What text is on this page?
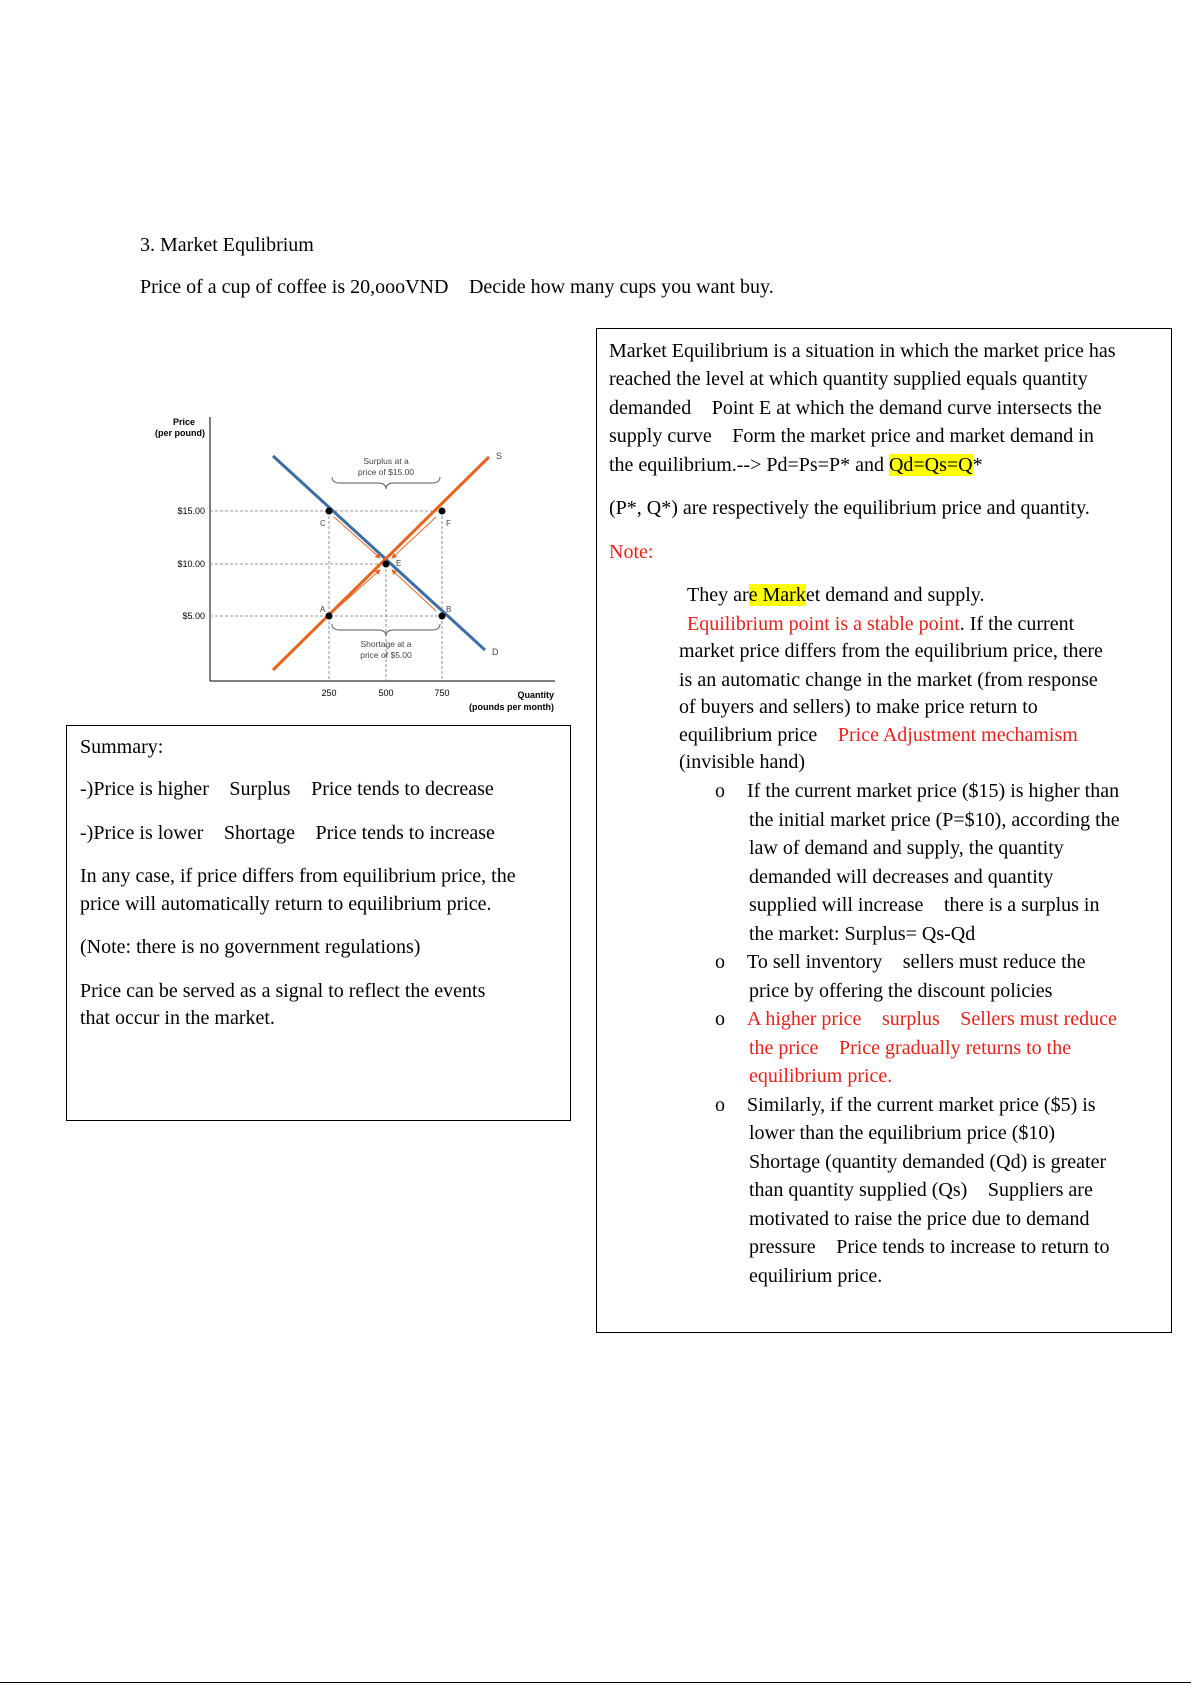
3. Market Equlibrium
Price of a cup of coffee is 20,oooVND Decide how many cups you want buy.
Price
(per pound)
Quantity
(pounds per month)
$15.00
$10.00
$5.00
250	500	750
S
D
Surplus at a
price of $15.00
Shortage at a
price of $5.00
C	F
E
A	B
Summary:
-)Price is higher Surplus Price tends to decrease
-)Price is lower Shortage Price tends to increase
In any case, if price differs from equilibrium price, the
price will automatically return to equilibrium price.
(Note: there is no government regulations)
Price can be served as a signal to reflect the events
that occur in the market.
Market Equilibrium is a situation in which the market price has
reached the level at which quantity supplied equals quantity
demanded Point E at which the demand curve intersects the
supply curve Form the market price and market demand in
the equilibrium.--> Pd=Ps=P* and Qd=Qs=Q*
(P*, Q*) are respectively the equilibrium price and quantity.
Note:
They are Market demand and supply.
Equilibrium point is a stable point. If the current
market price differs from the equilibrium price, there
is an automatic change in the market (from response
of buyers and sellers) to make price return to
equilibrium price Price Adjustment mechamism
(invisible hand)
o If the current market price ($15) is higher than
the initial market price (P=$10), according the
law of demand and supply, the quantity
demanded will decreases and quantity
supplied will increase there is a surplus in
the market: Surplus= Qs-Qd
o To sell inventory sellers must reduce the
price by offering the discount policies
o A higher price surplus Sellers must reduce
the price Price gradually returns to the
equilibrium price.
o Similarly, if the current market price ($5) is
lower than the equilibrium price ($10)
Shortage (quantity demanded (Qd) is greater
than quantity supplied (Qs) Suppliers are
motivated to raise the price due to demand
pressure Price tends to increase to return to
equilirium price.
